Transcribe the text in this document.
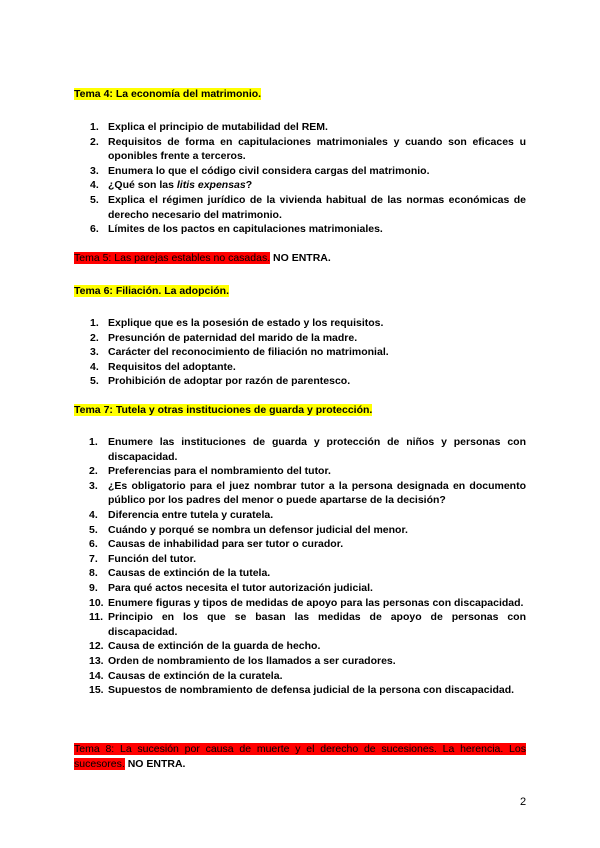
Tema 4: La economía del matrimonio.
1. Explica el principio de mutabilidad del REM.
2. Requisitos de forma en capitulaciones matrimoniales y cuando son eficaces u oponibles frente a terceros.
3. Enumera lo que el código civil considera cargas del matrimonio.
4. ¿Qué son las litis expensas?
5. Explica el régimen jurídico de la vivienda habitual de las normas económicas de derecho necesario del matrimonio.
6. Límites de los pactos en capitulaciones matrimoniales.
Tema 5: Las parejas estables no casadas. NO ENTRA.
Tema 6: Filiación. La adopción.
1. Explique que es la posesión de estado y los requisitos.
2. Presunción de paternidad del marido de la madre.
3. Carácter del reconocimiento de filiación no matrimonial.
4. Requisitos del adoptante.
5. Prohibición de adoptar por razón de parentesco.
Tema 7: Tutela y otras instituciones de guarda y protección.
1. Enumere las instituciones de guarda y protección de niños y personas con discapacidad.
2. Preferencias para el nombramiento del tutor.
3. ¿Es obligatorio para el juez nombrar tutor a la persona designada en documento público por los padres del menor o puede apartarse de la decisión?
4. Diferencia entre tutela y curatela.
5. Cuándo y porqué se nombra un defensor judicial del menor.
6. Causas de inhabilidad para ser tutor o curador.
7. Función del tutor.
8. Causas de extinción de la tutela.
9. Para qué actos necesita el tutor autorización judicial.
10. Enumere figuras y tipos de medidas de apoyo para las personas con discapacidad.
11. Principio en los que se basan las medidas de apoyo de personas con discapacidad.
12. Causa de extinción de la guarda de hecho.
13. Orden de nombramiento de los llamados a ser curadores.
14. Causas de extinción de la curatela.
15. Supuestos de nombramiento de defensa judicial de la persona con discapacidad.
Tema 8: La sucesión por causa de muerte y el derecho de sucesiones. La herencia. Los sucesores. NO ENTRA.
2
